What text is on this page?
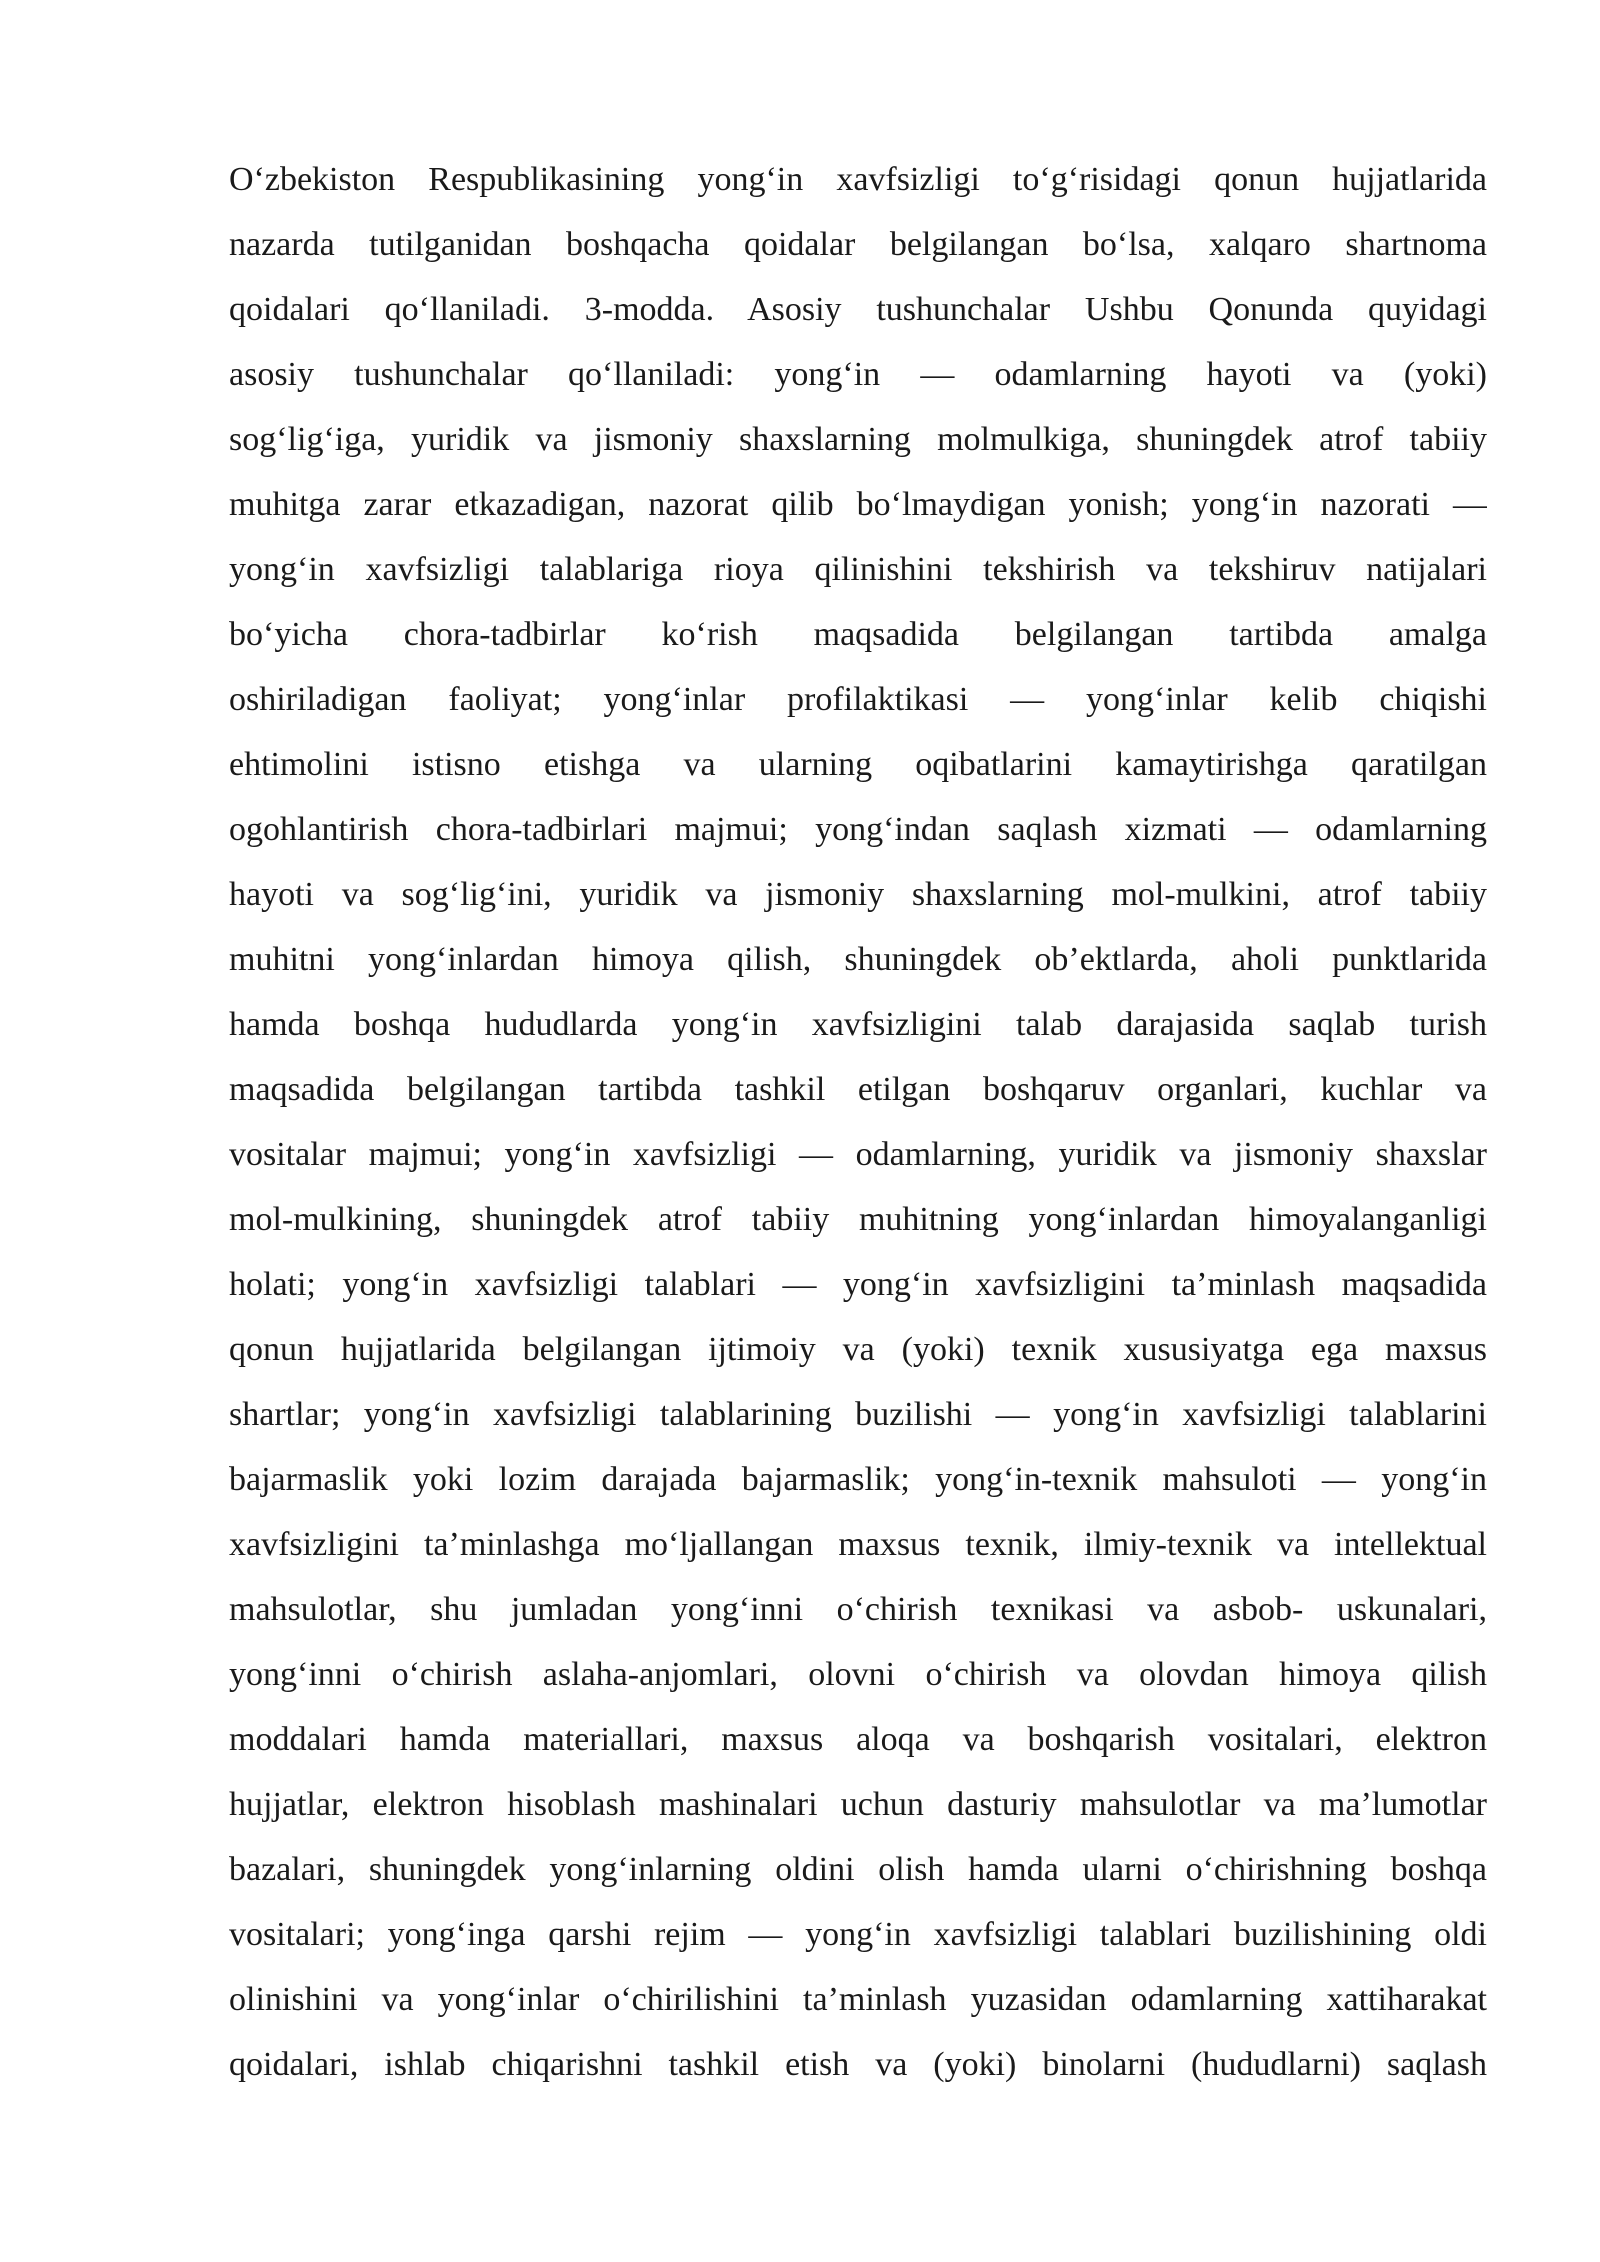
O‘zbekiston Respublikasining yong‘in xavfsizligi to‘g‘risidagi qonun hujjatlarida
nazarda tutilganidan boshqacha qoidalar belgilangan bo‘lsa, xalqaro shartnoma
qoidalari qo‘llaniladi. 3-modda. Asosiy tushunchalar Ushbu Qonunda quyidagi
asosiy tushunchalar qo‘llaniladi: yong‘in — odamlarning hayoti va (yoki)
sog‘lig‘iga, yuridik va jismoniy shaxslarning molmulkiga, shuningdek atrof tabiiy
muhitga zarar etkazadigan, nazorat qilib bo‘lmaydigan yonish; yong‘in nazorati —
yong‘in xavfsizligi talablariga rioya qilinishini tekshirish va tekshiruv natijalari
bo‘yicha chora-tadbirlar ko‘rish maqsadida belgilangan tartibda amalga
oshiriladigan faoliyat; yong‘inlar profilaktikasi — yong‘inlar kelib chiqishi
ehtimolini istisno etishga va ularning oqibatlarini kamaytirishga qaratilgan
ogohlantirish chora-tadbirlari majmui; yong‘indan saqlash xizmati — odamlarning
hayoti va sog‘lig‘ini, yuridik va jismoniy shaxslarning mol-mulkini, atrof tabiiy
muhitni yong‘inlardan himoya qilish, shuningdek ob’ektlarda, aholi punktlarida
hamda boshqa hududlarda yong‘in xavfsizligini talab darajasida saqlab turish
maqsadida belgilangan tartibda tashkil etilgan boshqaruv organlari, kuchlar va
vositalar majmui; yong‘in xavfsizligi — odamlarning, yuridik va jismoniy shaxslar
mol-mulkining, shuningdek atrof tabiiy muhitning yong‘inlardan himoyalanganligi
holati; yong‘in xavfsizligi talablari — yong‘in xavfsizligini ta’minlash maqsadida
qonun hujjatlarida belgilangan ijtimoiy va (yoki) texnik xususiyatga ega maxsus
shartlar; yong‘in xavfsizligi talablarining buzilishi — yong‘in xavfsizligi talablarini
bajarmaslik yoki lozim darajada bajarmaslik; yong‘in-texnik mahsuloti — yong‘in
xavfsizligini ta’minlashga mo‘ljallangan maxsus texnik, ilmiy-texnik va intellektual
mahsulotlar, shu jumladan yong‘inni o‘chirish texnikasi va asbob- uskunalari,
yong‘inni o‘chirish aslaha-anjomlari, olovni o‘chirish va olovdan himoya qilish
moddalari hamda materiallari, maxsus aloqa va boshqarish vositalari, elektron
hujjatlar, elektron hisoblash mashinalari uchun dasturiy mahsulotlar va ma’lumotlar
bazalari, shuningdek yong‘inlarning oldini olish hamda ularni o‘chirishning boshqa
vositalari; yong‘inga qarshi rejim — yong‘in xavfsizligi talablari buzilishining oldi
olinishini va yong‘inlar o‘chirilishini ta’minlash yuzasidan odamlarning xattiharakat
qoidalari, ishlab chiqarishni tashkil etish va (yoki) binolarni (hududlarni) saqlash
